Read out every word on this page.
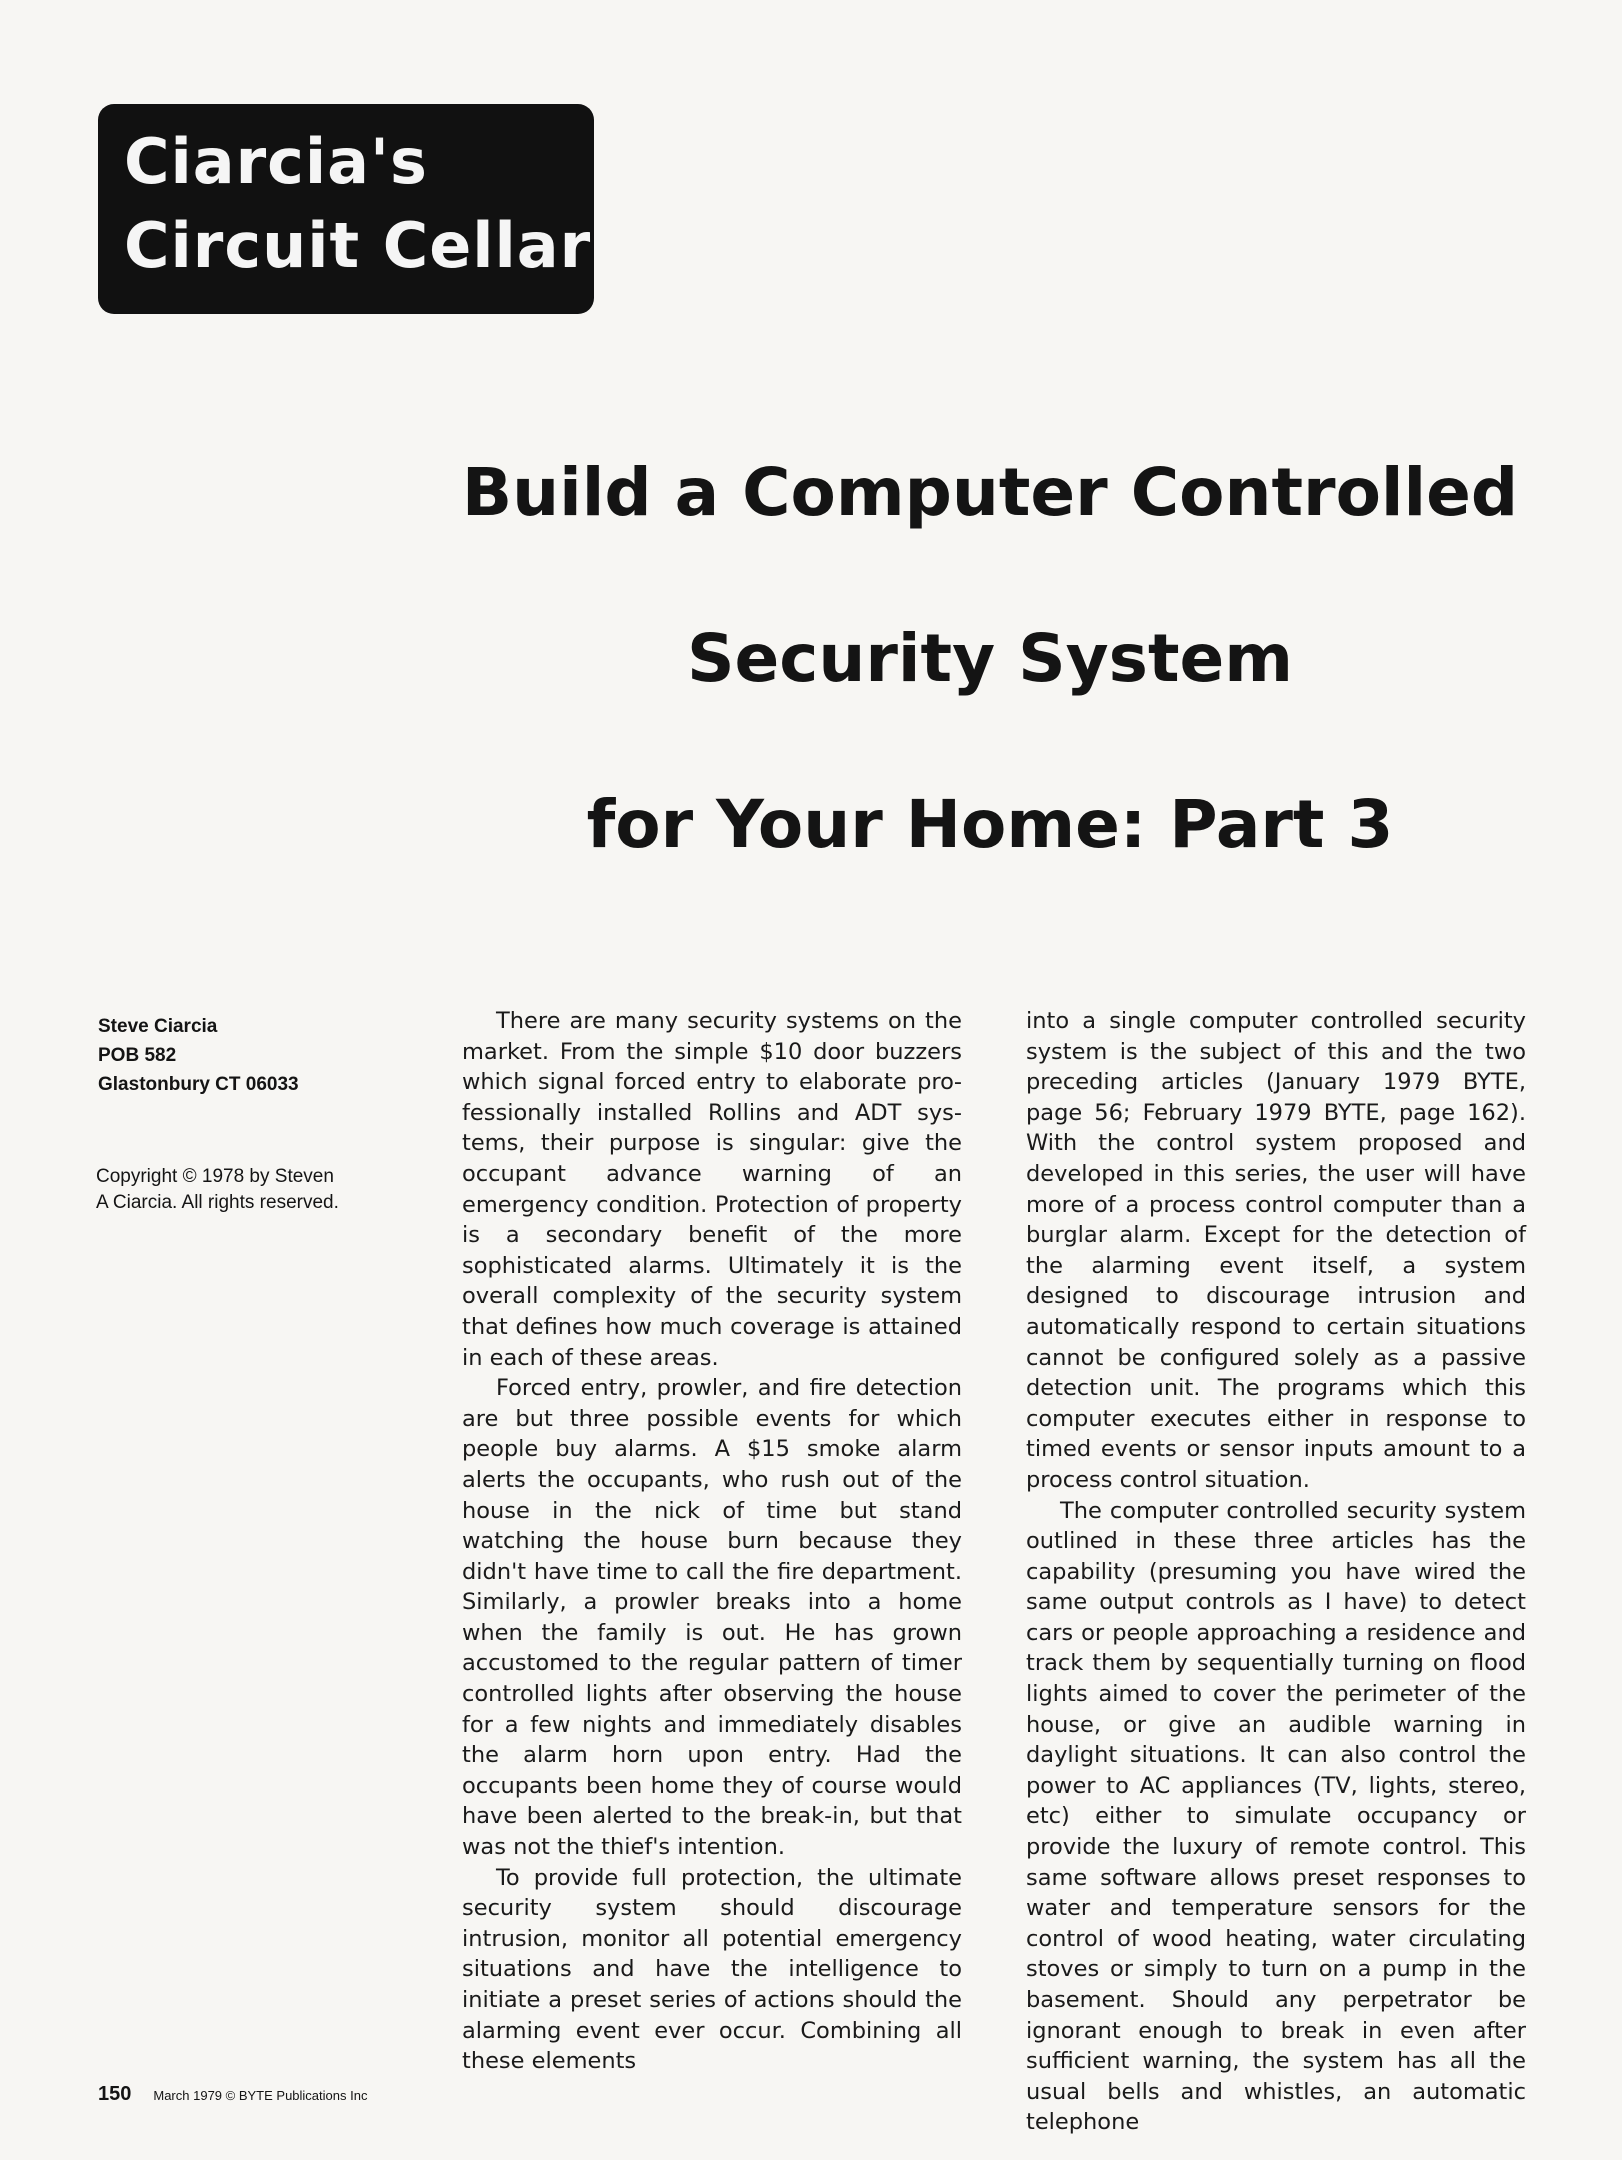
Ciarcia's
Circuit Cellar
Build a Computer Controlled
Security System
for Your Home: Part 3
Steve Ciarcia
POB 582
Glastonbury CT 06033
Copyright © 1978 by Steven
A Ciarcia. All rights reserved.

There are many security systems on the market. From the simple $10 door buzzers which signal forced entry to elaborate professionally installed Rollins and ADT systems, their purpose is singular: give the occupant advance warning of an emergency condition. Protection of property is a secondary benefit of the more sophisticated alarms. Ultimately it is the overall complexity of the security system that defines how much coverage is attained in each of these areas.

Forced entry, prowler, and fire detection are but three possible events for which people buy alarms. A $15 smoke alarm alerts the occupants, who rush out of the house in the nick of time but stand watching the house burn because they didn't have time to call the fire department. Similarly, a prowler breaks into a home when the family is out. He has grown accustomed to the regular pattern of timer controlled lights after observing the house for a few nights and immediately disables the alarm horn upon entry. Had the occupants been home they of course would have been alerted to the break-in, but that was not the thief's intention.

To provide full protection, the ultimate security system should discourage intrusion, monitor all potential emergency situations and have the intelligence to initiate a preset series of actions should the alarming event ever occur. Combining all these elements

into a single computer controlled security system is the subject of this and the two preceding articles (January 1979 BYTE, page 56; February 1979 BYTE, page 162). With the control system proposed and developed in this series, the user will have more of a process control computer than a burglar alarm. Except for the detection of the alarming event itself, a system designed to discourage intrusion and automatically respond to certain situations cannot be configured solely as a passive detection unit. The programs which this computer executes either in response to timed events or sensor inputs amount to a process control situation.

The computer controlled security system outlined in these three articles has the capability (presuming you have wired the same output controls as I have) to detect cars or people approaching a residence and track them by sequentially turning on flood lights aimed to cover the perimeter of the house, or give an audible warning in daylight situations. It can also control the power to AC appliances (TV, lights, stereo, etc) either to simulate occupancy or provide the luxury of remote control. This same software allows preset responses to water and temperature sensors for the control of wood heating, water circulating stoves or simply to turn on a pump in the basement. Should any perpetrator be ignorant enough to break in even after sufficient warning, the system has all the usual bells and whistles, an automatic telephone

150 March 1979 © BYTE Publications Inc
